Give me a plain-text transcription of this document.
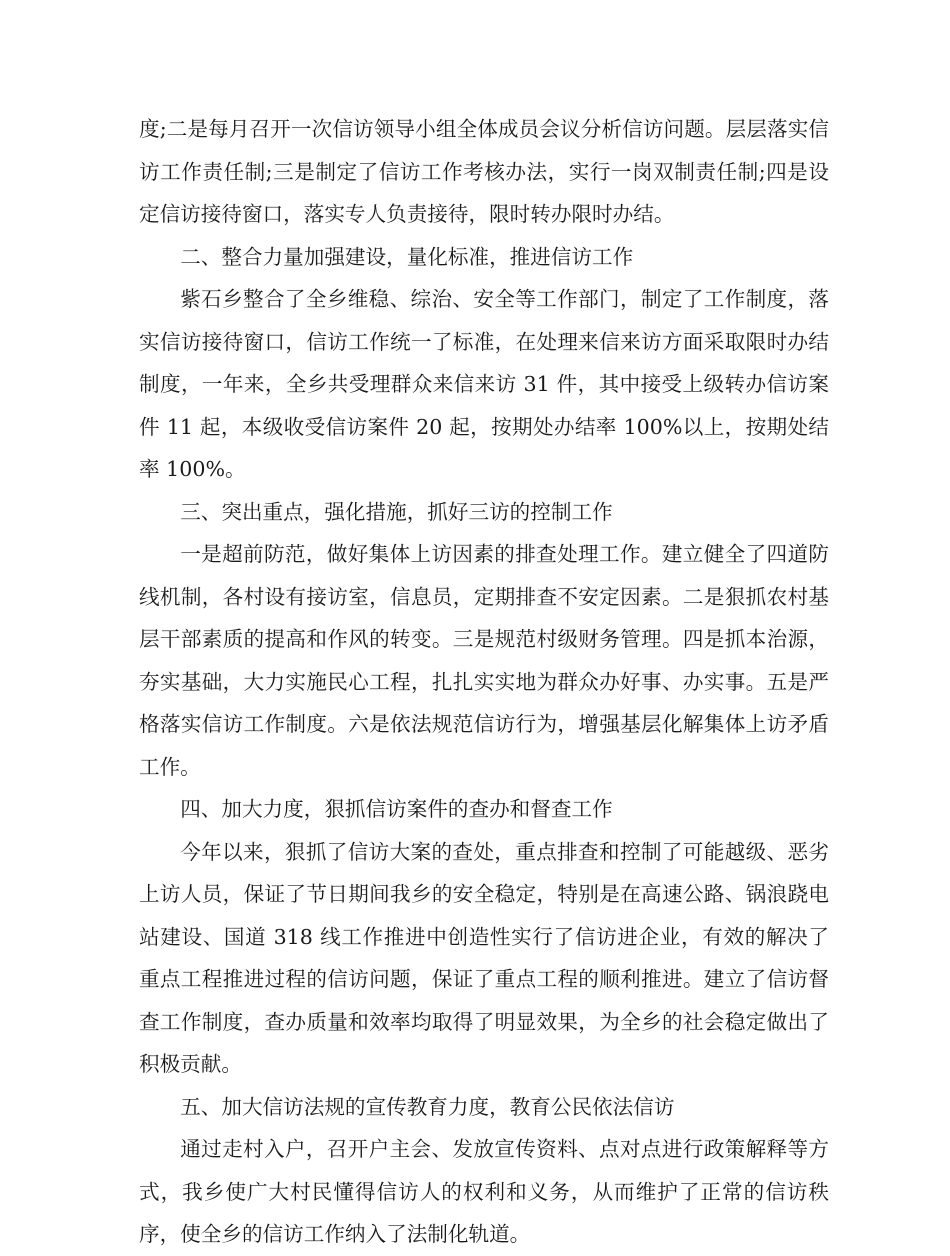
度;二是每月召开一次信访领导小组全体成员会议分析信访问题。层层落实信访工作责任制;三是制定了信访工作考核办法，实行一岗双制责任制;四是设定信访接待窗口，落实专人负责接待，限时转办限时办结。

二、整合力量加强建设，量化标准，推进信访工作

紫石乡整合了全乡维稳、综治、安全等工作部门，制定了工作制度，落实信访接待窗口，信访工作统一了标准，在处理来信来访方面采取限时办结制度，一年来，全乡共受理群众来信来访 31 件，其中接受上级转办信访案件 11 起，本级收受信访案件 20 起，按期处办结率 100%以上，按期处结率 100%。

三、突出重点，强化措施，抓好三访的控制工作

一是超前防范，做好集体上访因素的排查处理工作。建立健全了四道防线机制，各村设有接访室，信息员，定期排查不安定因素。二是狠抓农村基层干部素质的提高和作风的转变。三是规范村级财务管理。四是抓本治源，夯实基础，大力实施民心工程，扎扎实实地为群众办好事、办实事。五是严格落实信访工作制度。六是依法规范信访行为，增强基层化解集体上访矛盾工作。

四、加大力度，狠抓信访案件的查办和督查工作

今年以来，狠抓了信访大案的查处，重点排查和控制了可能越级、恶劣上访人员，保证了节日期间我乡的安全稳定，特别是在高速公路、锅浪跷电站建设、国道 318 线工作推进中创造性实行了信访进企业，有效的解决了重点工程推进过程的信访问题，保证了重点工程的顺利推进。建立了信访督查工作制度，查办质量和效率均取得了明显效果，为全乡的社会稳定做出了积极贡献。

五、加大信访法规的宣传教育力度，教育公民依法信访

通过走村入户，召开户主会、发放宣传资料、点对点进行政策解释等方式，我乡使广大村民懂得信访人的权利和义务，从而维护了正常的信访秩序，使全乡的信访工作纳入了法制化轨道。
